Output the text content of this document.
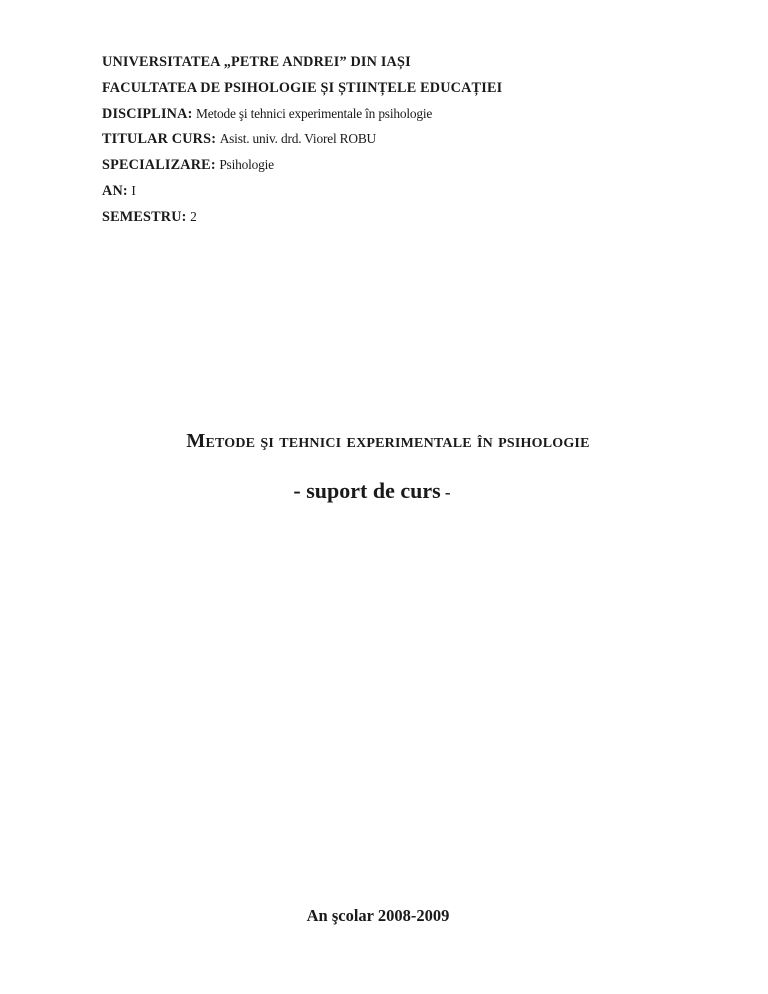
UNIVERSITATEA „PETRE ANDREI” DIN IAȘI
FACULTATEA DE PSIHOLOGIE ȘI ȘTIINȚELE EDUCAȚIEI
DISCIPLINA: Metode şi tehnici experimentale în psihologie
TITULAR CURS: Asist. univ. drd. Viorel ROBU
SPECIALIZARE: Psihologie
AN: I
SEMESTRU: 2
Metode şi tehnici experimentale în psihologie
- suport de curs -
An şcolar 2008-2009
